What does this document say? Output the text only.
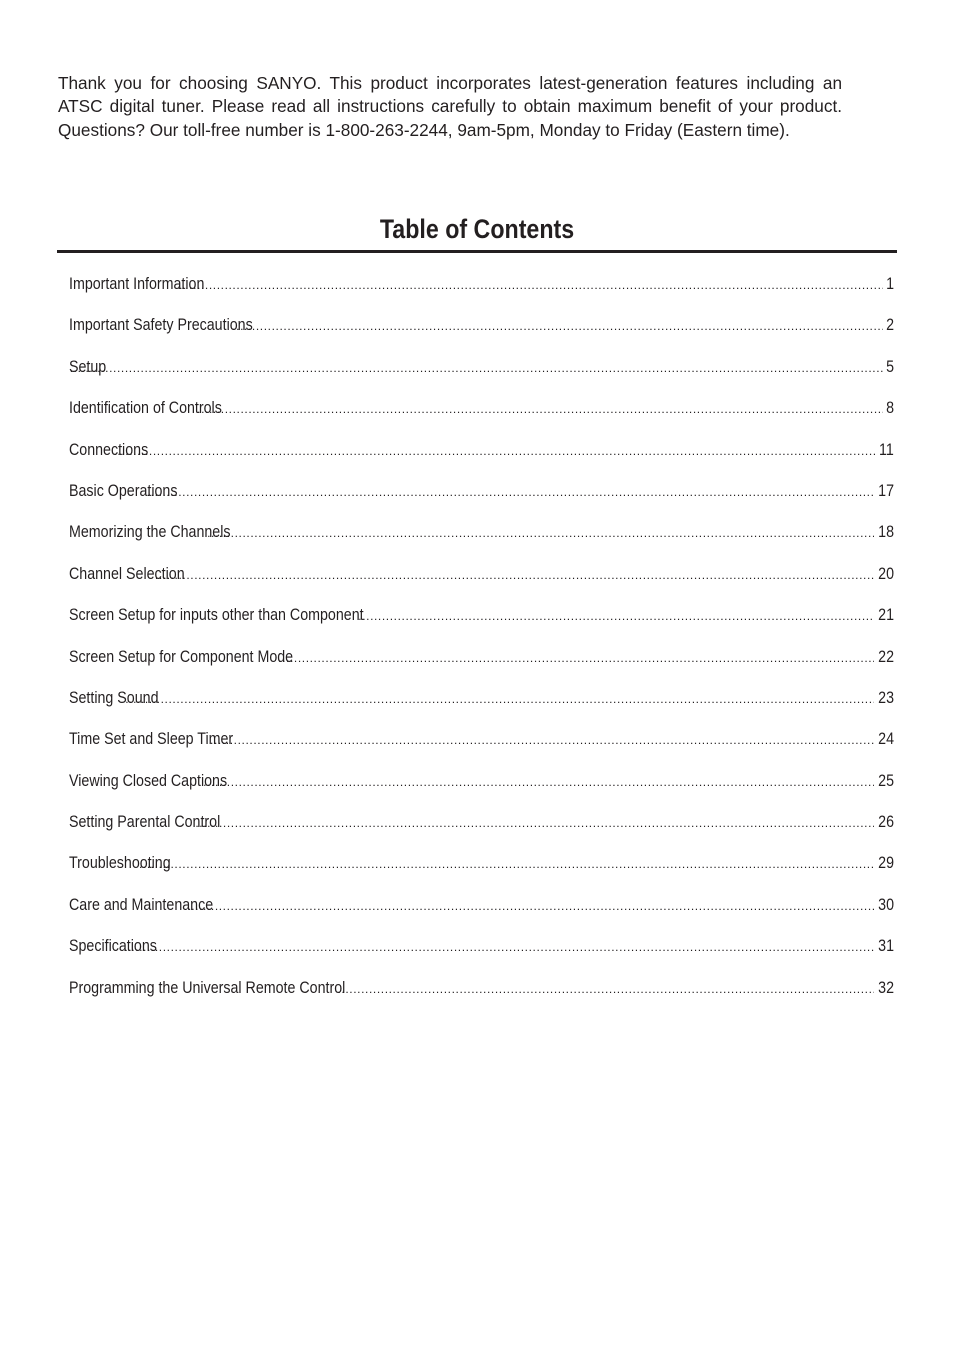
Thank you for choosing SANYO. This product incorporates latest-generation features including an ATSC digital tuner. Please read all instructions carefully to obtain maximum benefit of your product. Questions? Our toll-free number is 1-800-263-2244, 9am-5pm, Monday to Friday (Eastern time).

Table of Contents
Important Information .....	1
Important Safety Precautions .....	2
Setup .....	5
Identification of Controls .....	8
Connections .....	11
Basic Operations .....	17
Memorizing the Channels .....	18
Channel Selection .....	20
Screen Setup for inputs other than Component .....	21
Screen Setup for Component Mode .....	22
Setting Sound .....	23
Time Set and Sleep Timer .....	24
Viewing Closed Captions .....	25
Setting Parental Control .....	26
Troubleshooting .....	29
Care and Maintenance .....	30
Specifications .....	31
Programming the Universal Remote Control .....	32
